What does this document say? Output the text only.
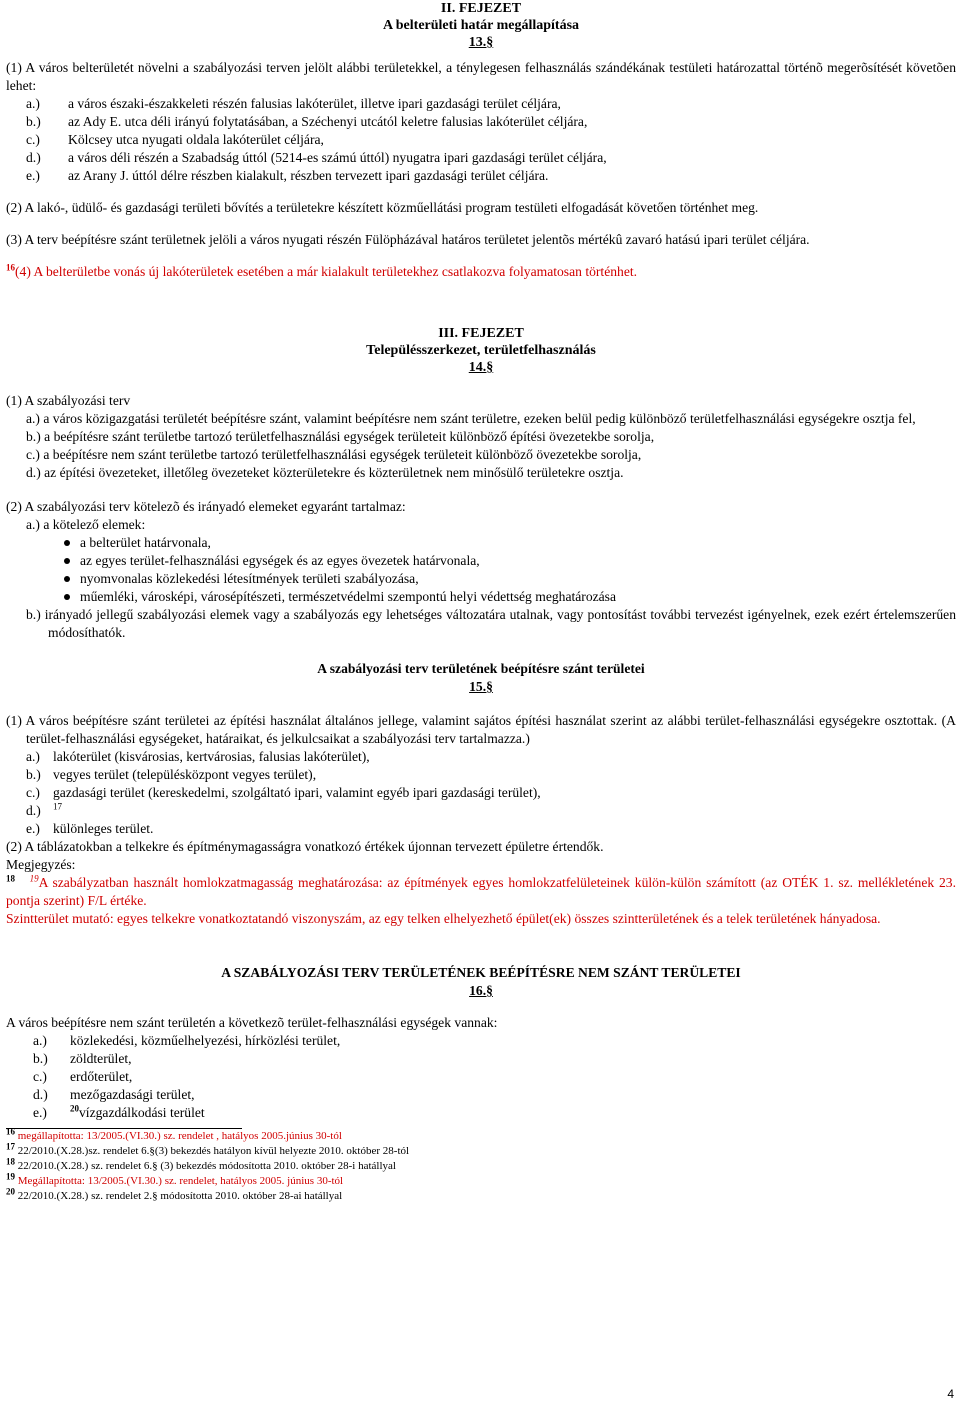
II. FEJEZET
A belterületi határ megállapítása
13.§

(1) A város belterületét növelni a szabályozási terven jelölt alábbi területekkel, a ténylegesen felhasználás szándékának testületi határozattal történõ megerõsítését követõen lehet:

a.)	a város északi-északkeleti részén falusias lakóterület, illetve ipari gazdasági terület céljára,
b.)	az Ady E. utca déli irányú folytatásában, a Széchenyi utcától keletre falusias lakóterület céljára,
c.)	Kölcsey utca nyugati oldala lakóterület céljára,
d.)	a város déli részén a Szabadság úttól (5214-es számú úttól) nyugatra ipari gazdasági terület céljára,
e.)	az Arany J. úttól délre részben kialakult, részben tervezett ipari gazdasági terület céljára.

(2) A lakó-, üdülő- és gazdasági területi bővítés a területekre készített közműellátási program testületi elfogadását követően történhet meg.

(3) A terv beépítésre szánt területnek jelöli a város nyugati részén Fülöpházával határos területet jelentõs mértékû zavaró hatású ipari terület céljára.

$^{16}$(4) A belterületbe vonás új lakóterületek esetében a már kialakult területekhez csatlakozva folyamatosan történhet.

III. FEJEZET
Településszerkezet, területfelhasználás
14.§

(1) A szabályozási terv

a.) a város közigazgatási területét beépítésre szánt, valamint beépítésre nem szánt területre, ezeken belül pedig különböző területfelhasználási egységekre osztja fel,

b.) a beépítésre szánt területbe tartozó területfelhasználási egységek területeit különböző építési övezetekbe sorolja,

c.) a beépítésre nem szánt területbe tartozó területfelhasználási egységek területeit különböző övezetekbe sorolja,

d.) az építési övezeteket, illetőleg övezeteket közterületekre és közterületnek nem minősülő területekre osztja.

(2) A szabályozási terv kötelezõ és irányadó elemeket egyaránt tartalmaz:

a.) a kötelező elemek:

a belterület határvonala,
az egyes terület-felhasználási egységek és az egyes övezetek határvonala,
nyomvonalas közlekedési létesítmények területi szabályozása,
műemléki, városképi, városépítészeti, természetvédelmi szempontú helyi védettség meghatározása

b.) irányadó jellegű szabályozási elemek vagy a szabályozás egy lehetséges változatára utalnak, vagy pontosítást további tervezést igényelnek, ezek ezért értelemszerűen módosíthatók.

A szabályozási terv területének beépítésre szánt területei
15.§

(1) A város beépítésre szánt területei az építési használat általános jellege, valamint sajátos építési használat szerint az alábbi terület-felhasználási egységekre osztottak. (A terület-felhasználási egységeket, határaikat, és jelkulcsaikat a szabályozási terv tartalmazza.)

a.) lakóterület (kisvárosias, kertvárosias, falusias lakóterület),
b.) vegyes terület (településközpont vegyes terület),
c.) gazdasági terület (kereskedelmi, szolgáltató ipari, valamint egyéb ipari gazdasági terület),
d.)	$^{17}$
e.) különleges terület.

(2) A táblázatokban a telkekre és építménymagasságra vonatkozó értékek újonnan tervezett épületre értendők.

Megjegyzés:

$^{18}$ $^{19}$A szabályzatban használt homlokzatmagasság meghatározása: az építmények egyes homlokzatfelületeinek külön-külön számított (az OTÉK 1. sz. mellékletének 23. pontja szerint) F/L értéke.

Szintterület mutató: egyes telkekre vonatkoztatandó viszonyszám, az egy telken elhelyezhető épület(ek) összes szintterületének és a telek területének hányadosa.

A SZABÁLYOZÁSI TERV TERÜLETÉNEK BEÉPÍTÉSRE NEM SZÁNT TERÜLETEI
16.§

A város beépítésre nem szánt területén a következõ terület-felhasználási egységek vannak:

a.)	közlekedési, közműelhelyezési, hírközlési terület,
b.)	zöldterület,
c.)	erdőterület,
d.)	mezőgazdasági terület,
e.)	$^{20}$vízgazdálkodási terület

$^{16}$ megállapította: 13/2005.(VI.30.) sz. rendelet , hatályos 2005.június 30-tól

$^{17}$ 22/2010.(X.28.)sz. rendelet 6.§(3) bekezdés hatályon kívül helyezte 2010. október 28-tól

$^{18}$ 22/2010.(X.28.) sz. rendelet 6.§ (3) bekezdés módosította 2010. október 28-i hatállyal

$^{19}$ Megállapította: 13/2005.(VI.30.) sz. rendelet, hatályos 2005. június 30-tól

$^{20}$ 22/2010.(X.28.) sz. rendelet 2.§ módosította 2010. október 28-ai hatállyal

4
